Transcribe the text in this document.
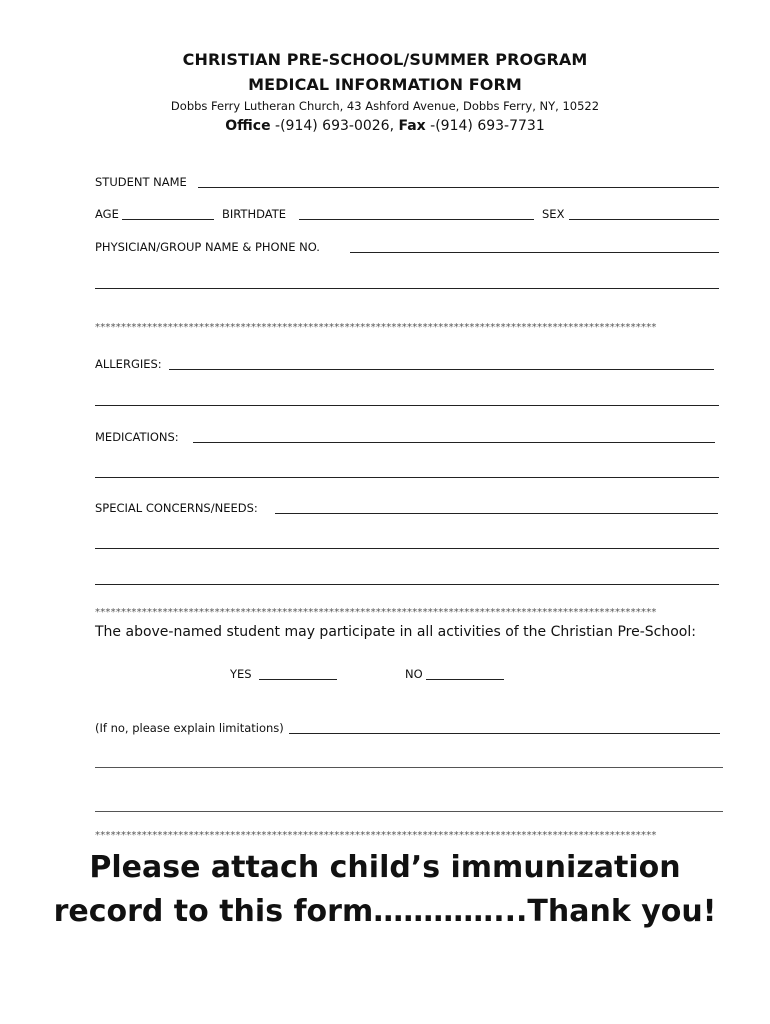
CHRISTIAN PRE-SCHOOL/SUMMER PROGRAM
MEDICAL INFORMATION FORM
Dobbs Ferry Lutheran Church, 43 Ashford Avenue, Dobbs Ferry, NY, 10522
Office -(914) 693-0026, Fax -(914) 693-7731
STUDENT NAME
AGE	BIRTHDATE	SEX
PHYSICIAN/GROUP NAME & PHONE NO.
************************************************************************************************************
ALLERGIES:
MEDICATIONS:
SPECIAL CONCERNS/NEEDS:
************************************************************************************************************
The above-named student may participate in all activities of the Christian Pre-School:
YES	NO
(If no, please explain limitations)
************************************************************************************************************
Please attach child’s immunization
record to this form…………...Thank you!
